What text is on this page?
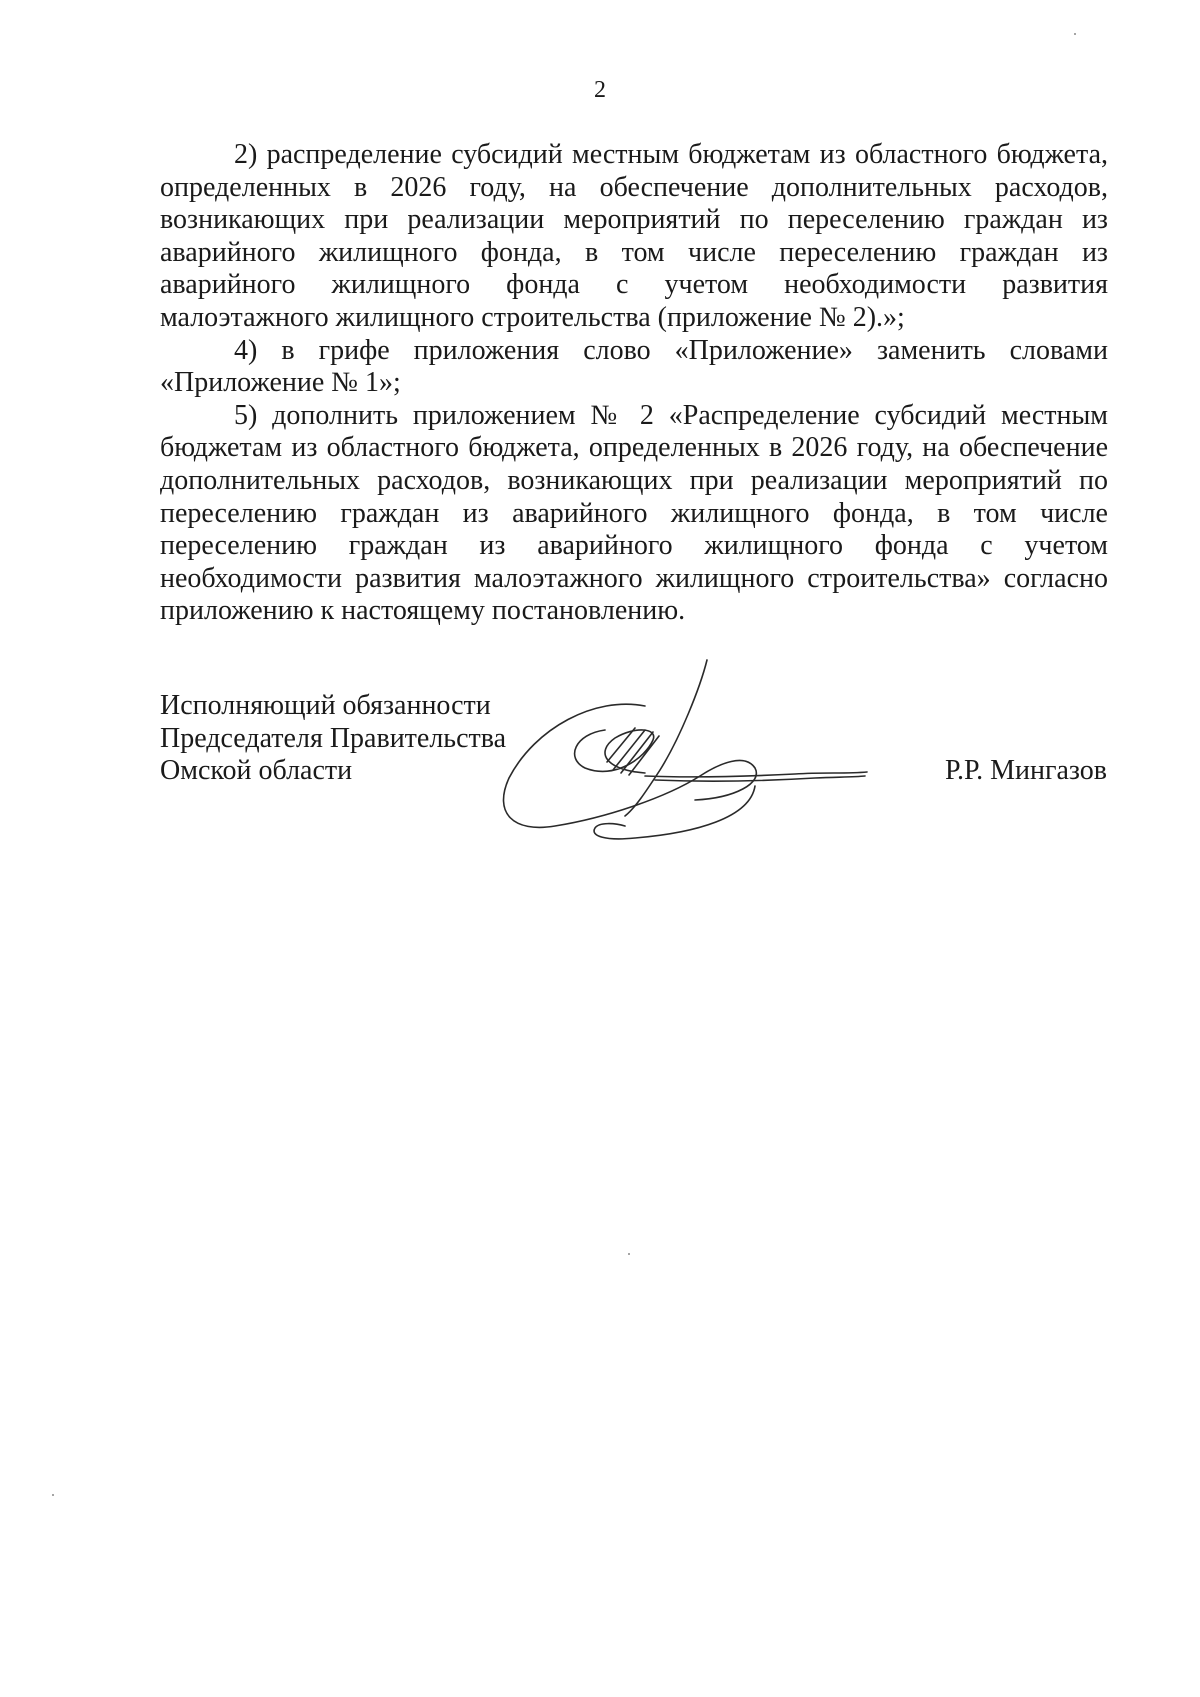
2

2) распределение субсидий местным бюджетам из областного бюджета, определенных в 2026 году, на обеспечение дополнительных расходов, возникающих при реализации мероприятий по переселению граждан из аварийного жилищного фонда, в том числе переселению граждан из аварийного жилищного фонда с учетом необходимости развития малоэтажного жилищного строительства (приложение № 2).»;

4) в грифе приложения слово «Приложение» заменить словами «Приложение № 1»;

5) дополнить приложением № 2 «Распределение субсидий местным бюджетам из областного бюджета, определенных в 2026 году, на обеспечение дополнительных расходов, возникающих при реализации мероприятий по переселению граждан из аварийного жилищного фонда, в том числе переселению граждан из аварийного жилищного фонда с учетом необходимости развития малоэтажного жилищного строительства» согласно приложению к настоящему постановлению.

Исполняющий обязанности
Председателя Правительства
Омской области	Р.Р. Мингазов
